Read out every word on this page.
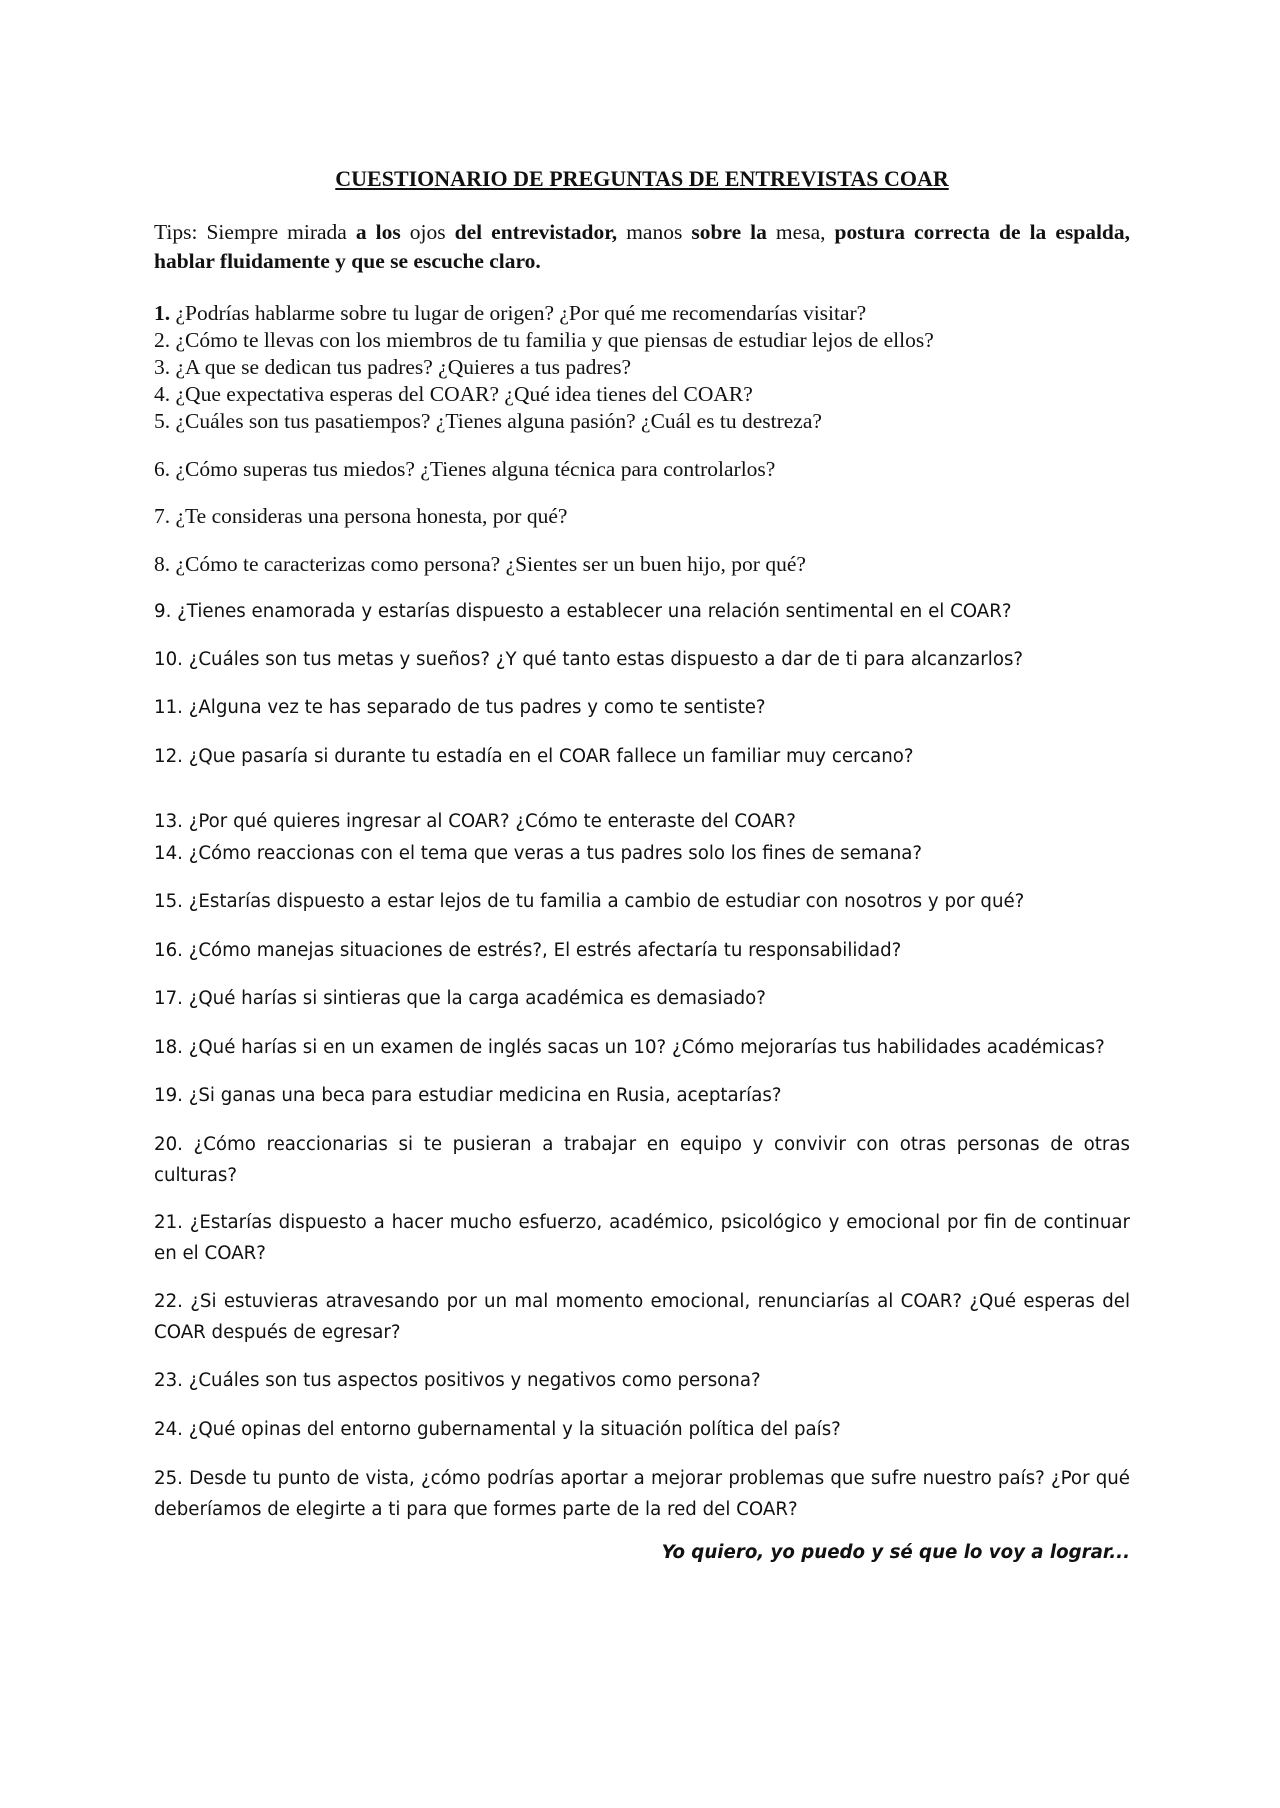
CUESTIONARIO DE PREGUNTAS DE ENTREVISTAS COAR
Tips: Siempre mirada a los ojos del entrevistador, manos sobre la mesa, postura correcta de la espalda, hablar fluidamente y que se escuche claro.
1. ¿Podrías hablarme sobre tu lugar de origen? ¿Por qué me recomendarías visitar?
2. ¿Cómo te llevas con los miembros de tu familia y que piensas de estudiar lejos de ellos?
3. ¿A que se dedican tus padres? ¿Quieres a tus padres?
4. ¿Que expectativa esperas del COAR? ¿Qué idea tienes del COAR?
5. ¿Cuáles son tus pasatiempos? ¿Tienes alguna pasión? ¿Cuál es tu destreza?
6. ¿Cómo superas tus miedos? ¿Tienes alguna técnica para controlarlos?
7. ¿Te consideras una persona honesta, por qué?
8. ¿Cómo te caracterizas como persona? ¿Sientes ser un buen hijo, por qué?
9. ¿Tienes enamorada y estarías dispuesto a establecer una relación sentimental en el COAR?
10. ¿Cuáles son tus metas y sueños? ¿Y qué tanto estas dispuesto a dar de ti para alcanzarlos?
11. ¿Alguna vez te has separado de tus padres y como te sentiste?
12. ¿Que pasaría si durante tu estadía en el COAR fallece un familiar muy cercano?
13. ¿Por qué quieres ingresar al COAR? ¿Cómo te enteraste del COAR?
14. ¿Cómo reaccionas con el tema que veras a tus padres solo los fines de semana?
15. ¿Estarías dispuesto a estar lejos de tu familia a cambio de estudiar con nosotros y por qué?
16. ¿Cómo manejas situaciones de estrés?, El estrés afectaría tu responsabilidad?
17. ¿Qué harías si sintieras que la carga académica es demasiado?
18. ¿Qué harías si en un examen de inglés sacas un 10? ¿Cómo mejorarías tus habilidades académicas?
19. ¿Si ganas una beca para estudiar medicina en Rusia, aceptarías?
20. ¿Cómo reaccionarias si te pusieran a trabajar en equipo y convivir con otras personas de otras culturas?
21. ¿Estarías dispuesto a hacer mucho esfuerzo, académico, psicológico y emocional por fin de continuar en el COAR?
22. ¿Si estuvieras atravesando por un mal momento emocional, renunciarías al COAR? ¿Qué esperas del COAR después de egresar?
23. ¿Cuáles son tus aspectos positivos y negativos como persona?
24. ¿Qué opinas del entorno gubernamental y la situación política del país?
25. Desde tu punto de vista, ¿cómo podrías aportar a mejorar problemas que sufre nuestro país? ¿Por qué deberíamos de elegirte a ti para que formes parte de la red del COAR?
Yo quiero, yo puedo y sé que lo voy a lograr...
